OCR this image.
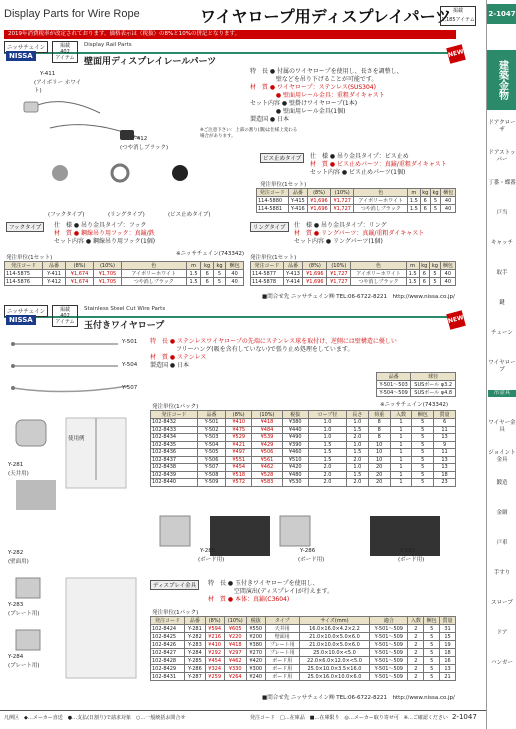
Display Parts for Wire Rope	ワイヤロープ用ディスプレイパーツ 掲載
1,185アイテム
2-1047
建築金物
ドアクローザ
ドアストッパー
丁番・蝶番
戸当
キャッチ
取手
鍵
チェーン
ワイヤロープ
吊金具
ワイヤー金具
ジョイント金具
鍛造
金網
戸車
手すり
スロープ
ドア
ハンガー
2019年消費税率が改定されております。価格表示は（税抜）の8%と10%の併記となります。
ニッサチェイン
NISSA
掲載
402
アイテム
Display Rail Parts
壁面用ディスプレイレールパーツ
NEW
Y-411
(アイボリー ホワイト)
Y-412
(つや消しブラック)
(フックタイプ)	(リングタイプ)	(ビス止めタイプ)
特　長 ● 付属のワイヤロープを使用し、長さを調整し、
　　　　 壁などを吊り下げることが可能です。
材　質 ● ワイヤロープ：ステンレス(SUS304)
　　　　 ● 壁面用レール金具：重粗ダイキャスト
セット内容 ● 壁掛けワイヤロープ(1本)
　　　　 ● 壁面用レール金具(1個)
製造国 ● 日本
※ご注意下さい：上部の割り(溝)は仕様上変わる場合があります。
ビス止めタイプ	仕　様 ● 吊り金具タイプ：ビス止め
材　質 ● ビス止めパーツ：真鍮/重粗ダイキャスト
セット内容 ● ビス止めパーツ(1個)
発注単位(1セット)
発注コード	品番	(8%)	(10%)	色	m	kg	kg	梱包
114-5880	Y-415	¥1,696	¥1,727	アイボリーホワイト	1.5	6	5	40
114-5881	Y-416	¥1,696	¥1,727	つや消しブラック	1.5	6	5	40
フックタイプ	仕　様 ● 吊り金具タイプ：フック
材　質 ● 鋼線吊り用フック：真鍮/鉄
セット内容 ● 鋼線吊り用フック(1個)
リングタイプ	仕　様 ● 吊り金具タイプ：リング
材　質 ● リングパーツ：真鍮/重粗ダイキャスト
セット内容 ● リングパーツ(1個)
※ニッサチェイン(743342)
発注単位(1セット)	発注単位(1セット)
発注コード	品番	(8%)	(10%)	色	m	kg	kg	梱包
114-5875	Y-411	¥1,674	¥1,705	アイボリーホワイト	1.5	6	5	40
114-5876	Y-412	¥1,674	¥1,705	つや消しブラック	1.5	6	5	40
発注コード	品番	(8%)	(10%)	色	m	kg	kg	梱包
114-5877	Y-413	¥1,696	¥1,727	アイボリーホワイト	1.5	6	5	40
114-5878	Y-414	¥1,696	¥1,727	つや消しブラック	1.5	6	5	40
■問合せ先 ニッサチェイン㈱ TEL:06-6722-8221　http://www.nissa.co.jp/
ニッサチェイン
NISSA
掲載
402
アイテム
Stainless Steel Cut Wire Parts
玉付きワイヤロープ
NEW
Y-501
Y-504
Y-507
特　長 ● ステンレスワイヤロープの先端にステンレス球を取付け、逆側には壁構造に優しい
　　　　 フリーハング(吸を含有していない)で張り止め処理をしています。
材　質 ● ステンレス
製造国 ● 日本
品番	球径
Y-501～503	SUSボール φ3.2
Y-504～509	SUSボール φ4.8
※ニッサチェイン(743342)
発注単位(1パック)
発注コード	品番	(8%)	(10%)	税抜	ロープ径	長さ	荷重	入数	梱包	質量
102-8432	Y-501	¥410	¥418	¥380	1.0	1.0	8	1	5	6
102-8433	Y-502	¥475	¥484	¥440	1.0	1.5	8	1	5	11
102-8434	Y-503	¥529	¥539	¥490	1.0	2.0	8	1	5	13
102-8435	Y-504	¥421	¥429	¥390	1.5	1.0	10	1	5	9
102-8436	Y-505	¥497	¥506	¥460	1.5	1.5	10	1	5	11
102-8437	Y-506	¥551	¥561	¥510	1.5	2.0	10	1	5	13
102-8438	Y-507	¥454	¥462	¥420	2.0	1.0	20	1	5	13
102-8439	Y-508	¥518	¥528	¥480	2.0	1.5	20	1	5	18
102-8440	Y-509	¥572	¥583	¥530	2.0	2.0	20	1	5	23
Y-281
(天井用)
使用例
Y-282
(壁面用)
Y-285
(ボード用)
Y-286
(ボード用)
Y-287
(ボード用)
Y-283
(プレート用)
Y-284
(プレート用)
ディスプレイ金具	特　長 ● 玉付きワイヤロープを使用し、
　　　　 空間演出(ディスプレイ)が行えます。
材　質 ● 本体：真鍮(C3604)
発注単位(1パック)
発注コード	品番	(8%)	(10%)	税抜	タイプ	サイズ(mm)	適合	入数	梱包	質量
102-8424	Y-281	¥594	¥605	¥550	天井用	16.0×16.0×4.2×2.2	Y-501～509	2	5	31
102-8425	Y-282	¥216	¥220	¥200	壁面用	21.0×10.0×5.0×6.0	Y-501～509	2	5	15
102-8426	Y-283	¥410	¥418	¥380	プレート用	21.0×10.0×5.0×6.0	Y-501～509	2	5	19
102-8427	Y-284	¥292	¥297	¥270	プレート用	25.0×10.0×<5.0	Y-501～509	2	5	18
102-8428	Y-285	¥454	¥462	¥420	ボード用	22.0×6.0×12.0×<5.0	Y-501～509	2	5	16
102-8429	Y-286	¥324	¥330	¥300	ボード用	25.0×10.0×3.5×16.0	Y-501～509	2	5	13
102-8431	Y-287	¥259	¥264	¥240	ボード用	25.0×16.0×10.0×6.0	Y-501～509	2	5	21
■問合せ先 ニッサチェイン㈱ TEL:06-6722-8221　http://www.nissa.co.jp/
凡例区　◆…メーカー直送　●…支払(日割り)で請求対象　○…一般統括お問合せ	発注コード　□…在庫品　■…在庫限り　◎…メーカー取り寄せ可　※…ご確認ください 2-1047
